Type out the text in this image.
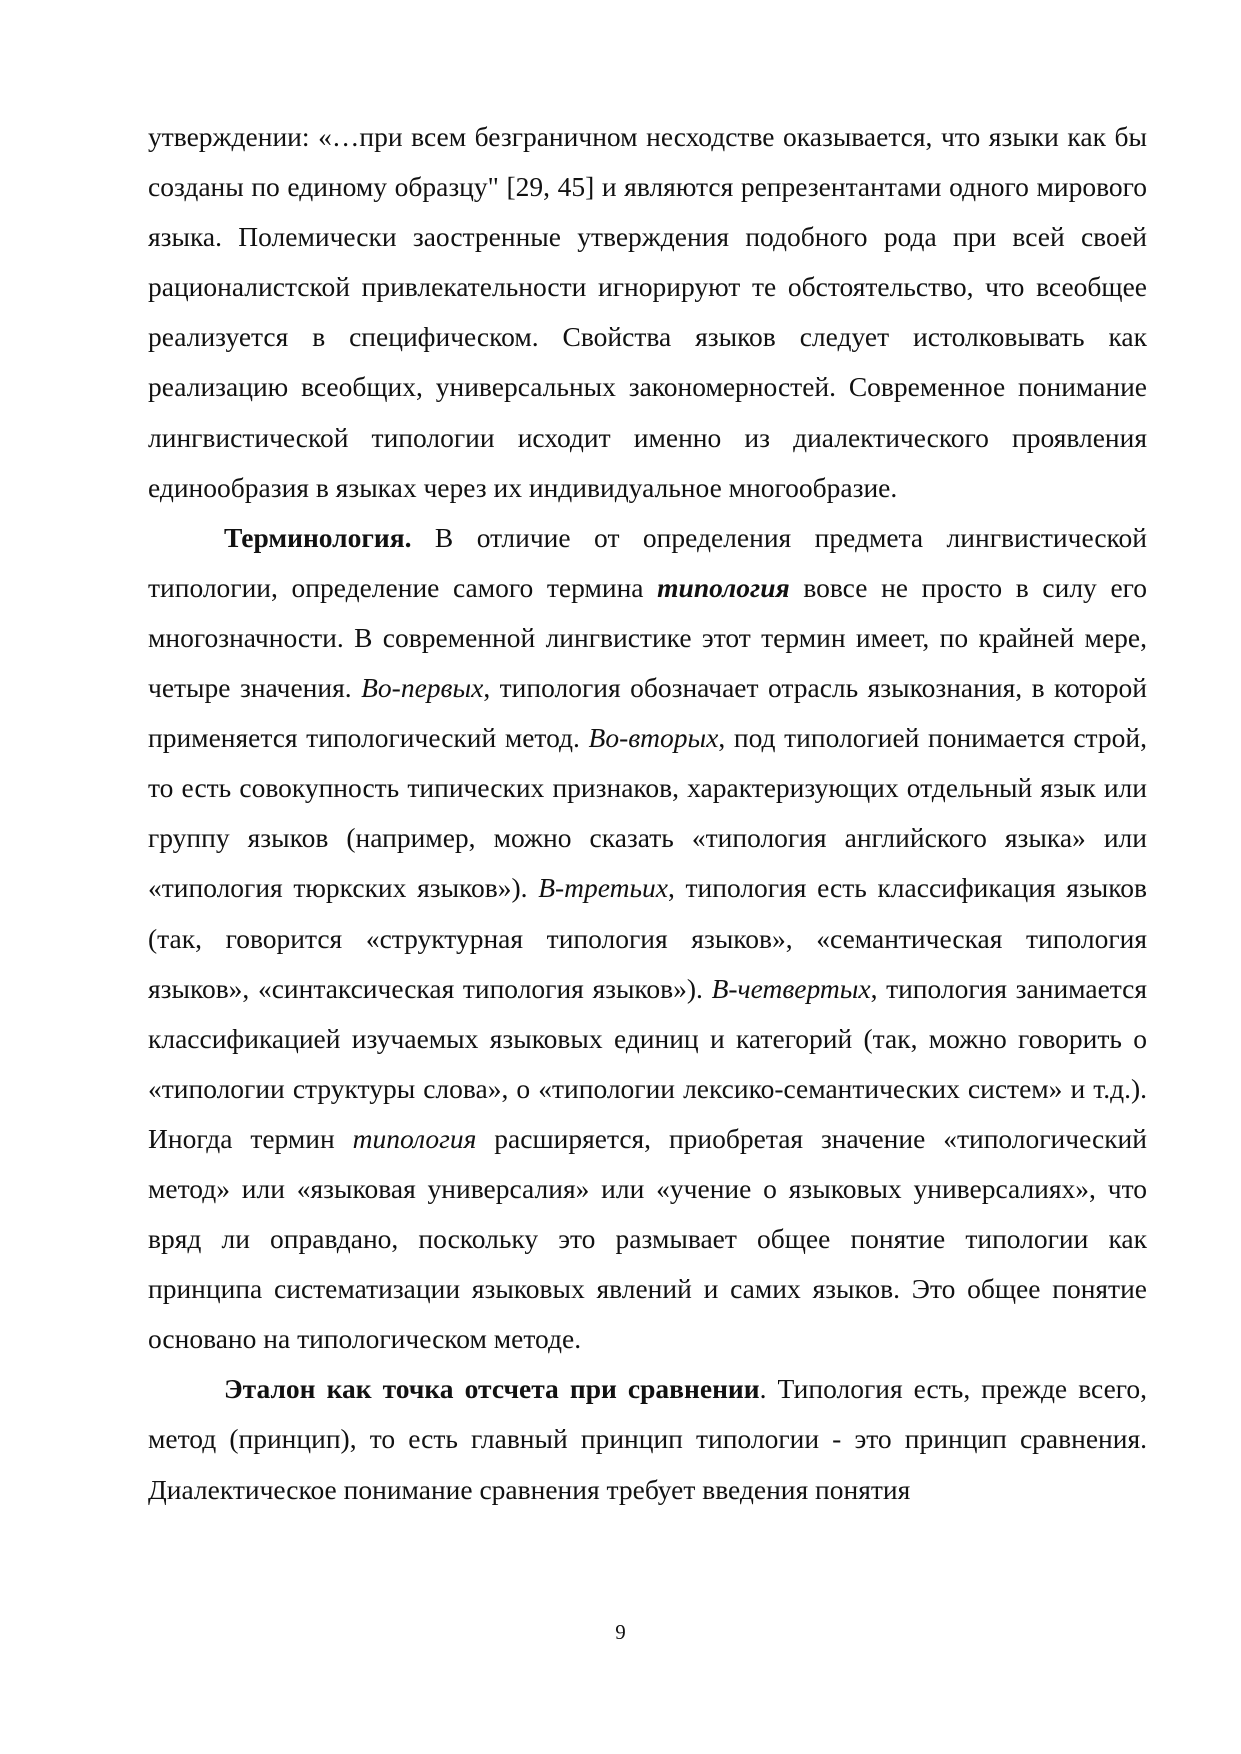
утверждении: «…при всем безграничном несходстве оказывается, что языки как бы созданы по единому образцу" [29, 45] и являются репрезентантами одного мирового языка. Полемически заостренные утверждения подобного рода при всей своей рационалистской привлекательности игнорируют те обстоятельство, что всеобщее реализуется в специфическом. Свойства языков следует истолковывать как реализацию всеобщих, универсальных закономерностей. Современное понимание лингвистической типологии исходит именно из диалектического проявления единообразия в языках через их индивидуальное многообразие.

Терминология. В отличие от определения предмета лингвистической типологии, определение самого термина типология вовсе не просто в силу его многозначности. В современной лингвистике этот термин имеет, по крайней мере, четыре значения. Во-первых, типология обозначает отрасль языкознания, в которой применяется типологический метод. Во-вторых, под типологией понимается строй, то есть совокупность типических признаков, характеризующих отдельный язык или группу языков (например, можно сказать «типология английского языка» или «типология тюркских языков»). В-третьих, типология есть классификация языков (так, говорится «структурная типология языков», «семантическая типология языков», «синтаксическая типология языков»). В-четвертых, типология занимается классификацией изучаемых языковых единиц и категорий (так, можно говорить о «типологии структуры слова», о «типологии лексико-семантических систем» и т.д.). Иногда термин типология расширяется, приобретая значение «типологический метод» или «языковая универсалия» или «учение о языковых универсалиях», что вряд ли оправдано, поскольку это размывает общее понятие типологии как принципа систематизации языковых явлений и самих языков. Это общее понятие основано на типологическом методе.

Эталон как точка отсчета при сравнении. Типология есть, прежде всего, метод (принцип), то есть главный принцип типологии - это принцип сравнения. Диалектическое понимание сравнения требует введения понятия

9
